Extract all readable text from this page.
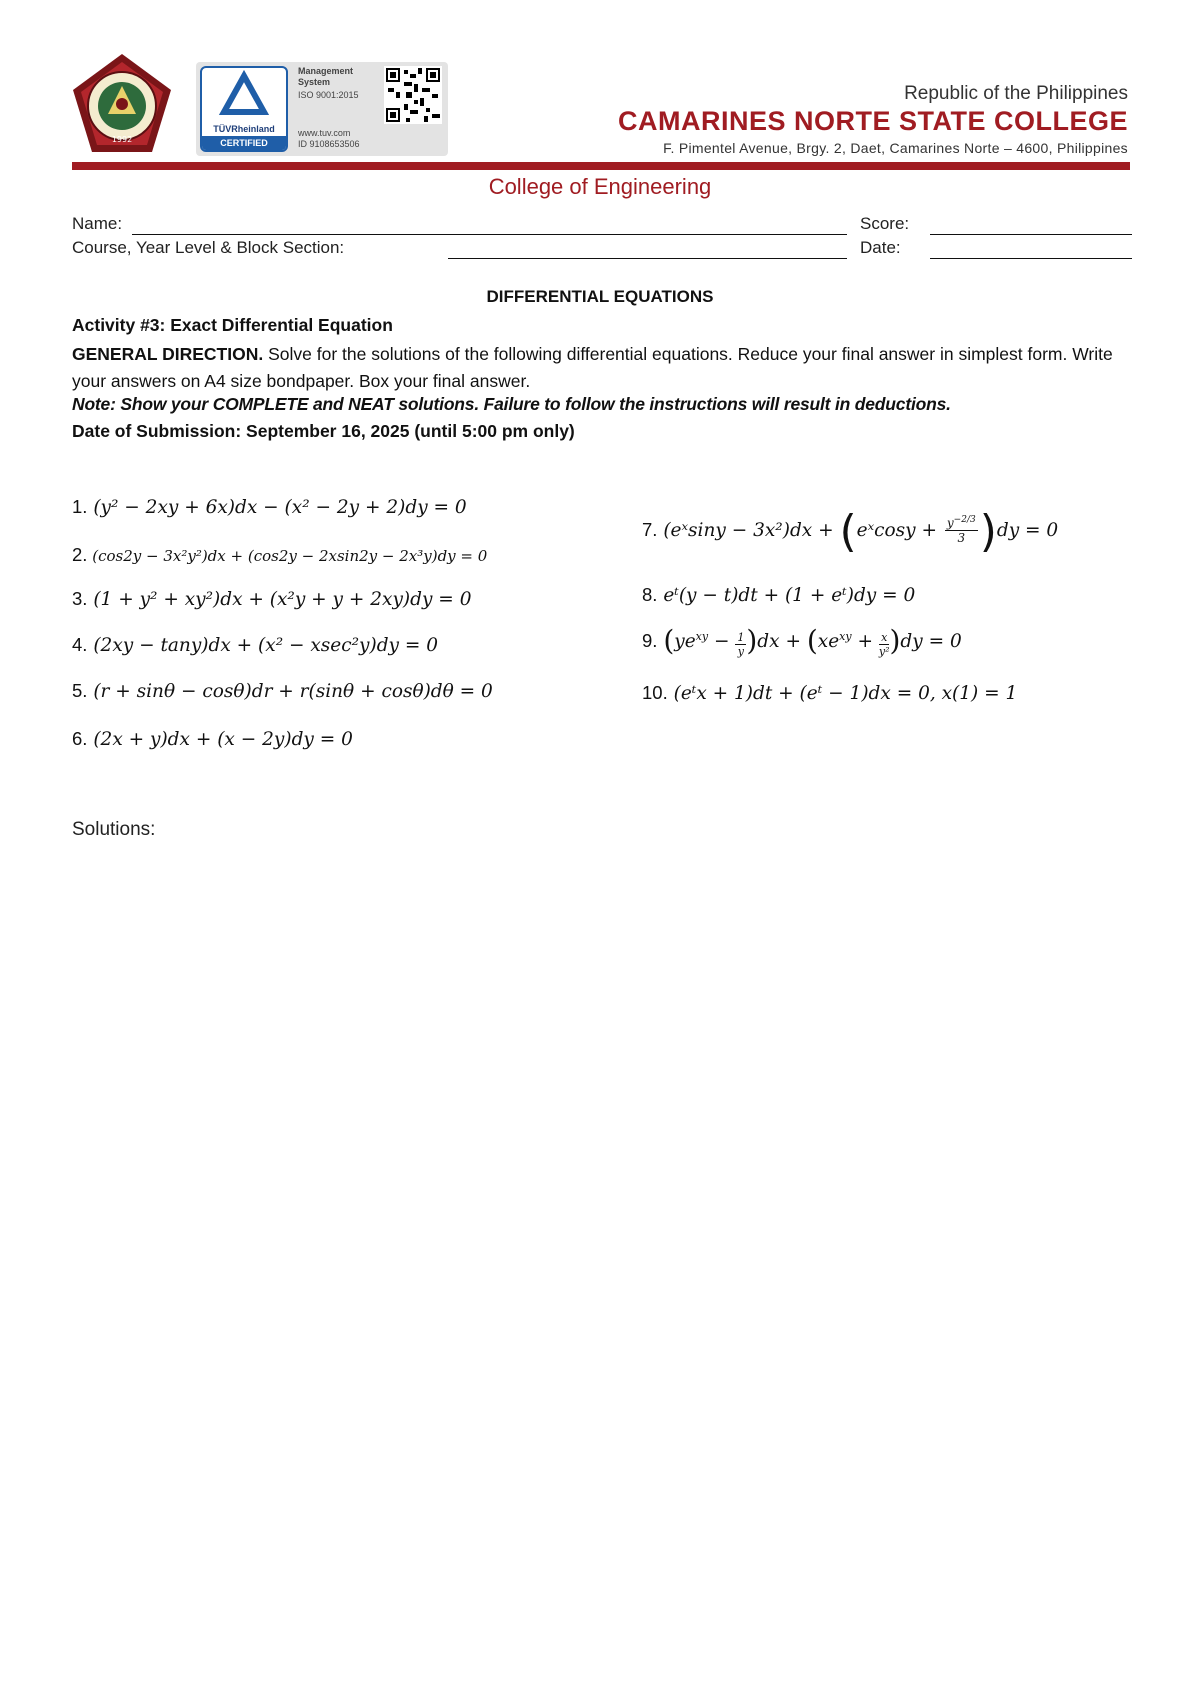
1992
TÜVRheinland
CERTIFIED
Management
System
ISO 9001:2015
www.tuv.com
ID 9108653506
Republic of the Philippines
CAMARINES NORTE STATE COLLEGE
F. Pimentel Avenue, Brgy. 2, Daet, Camarines Norte – 4600, Philippines
College of Engineering
Name:
Course, Year Level & Block Section:
Score:
Date:
DIFFERENTIAL EQUATIONS
Activity #3: Exact Differential Equation
GENERAL DIRECTION. Solve for the solutions of the following differential equations. Reduce your final answer in simplest form. Write your answers on A4 size bondpaper. Box your final answer.
Note: Show your COMPLETE and NEAT solutions. Failure to follow the instructions will result in deductions.
Date of Submission: September 16, 2025 (until 5:00 pm only)
1. (y² − 2xy + 6x)dx − (x² − 2y + 2)dy = 0
2. (cos2y − 3x²y²)dx + (cos2y − 2xsin2y − 2x³y)dy = 0
3. (1 + y² + xy²)dx + (x²y + y + 2xy)dy = 0
4. (2xy − tany)dx + (x² − xsec²y)dy = 0
5. (r + sinθ − cosθ)dr + r(sinθ + cosθ)dθ = 0
6. (2x + y)dx + (x − 2y)dy = 0
7. (eˣsiny − 3x²)dx + (eˣcosy + $\frac{y^{-2/3}}{3} )dy = 0$
8. eᵗ(y − t)dt + (1 + eᵗ)dy = 0
9. $(ye^{xy} - \frac{1}{y} )dx + (xe^{xy} + \frac{x}{\text{y²}} )dy = 0$
10. (eᵗx + 1)dt + (eᵗ − 1)dx = 0, x(1) = 1
Solutions:
